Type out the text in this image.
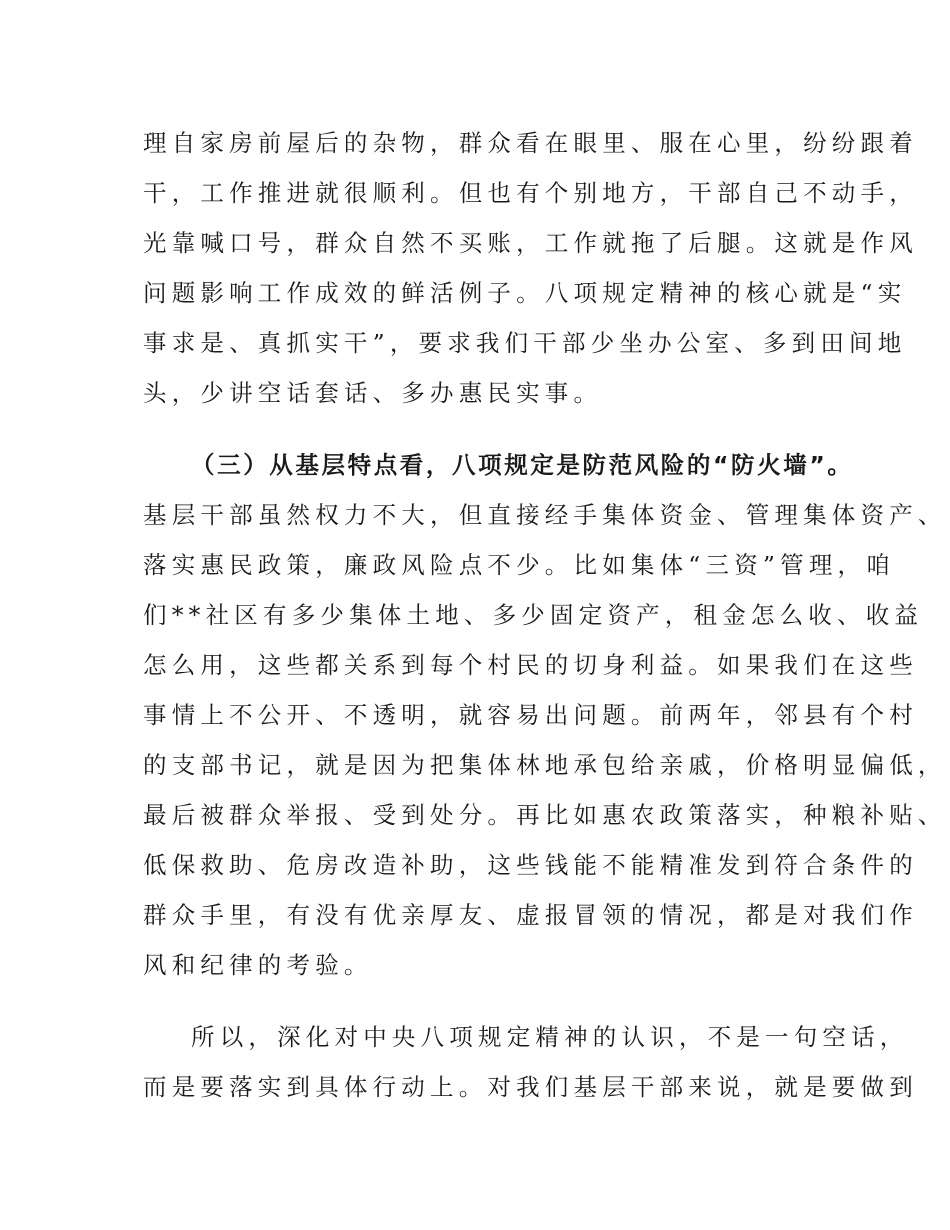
理自家房前屋后的杂物，群众看在眼里、服在心里，纷纷跟着
干，工作推进就很顺利。但也有个别地方，干部自己不动手，
光靠喊口号，群众自然不买账，工作就拖了后腿。这就是作风
问题影响工作成效的鲜活例子。八项规定精神的核心就是“实
事求是、真抓实干”，要求我们干部少坐办公室、多到田间地
头，少讲空话套话、多办惠民实事。
（三）从基层特点看，八项规定是防范风险的“防火墙”。
基层干部虽然权力不大，但直接经手集体资金、管理集体资产、
落实惠民政策，廉政风险点不少。比如集体“三资”管理，咱
们**社区有多少集体土地、多少固定资产，租金怎么收、收益
怎么用，这些都关系到每个村民的切身利益。如果我们在这些
事情上不公开、不透明，就容易出问题。前两年，邻县有个村
的支部书记，就是因为把集体林地承包给亲戚，价格明显偏低，
最后被群众举报、受到处分。再比如惠农政策落实，种粮补贴、
低保救助、危房改造补助，这些钱能不能精准发到符合条件的
群众手里，有没有优亲厚友、虚报冒领的情况，都是对我们作
风和纪律的考验。
所以，深化对中央八项规定精神的认识，不是一句空话，
而是要落实到具体行动上。对我们基层干部来说，就是要做到
